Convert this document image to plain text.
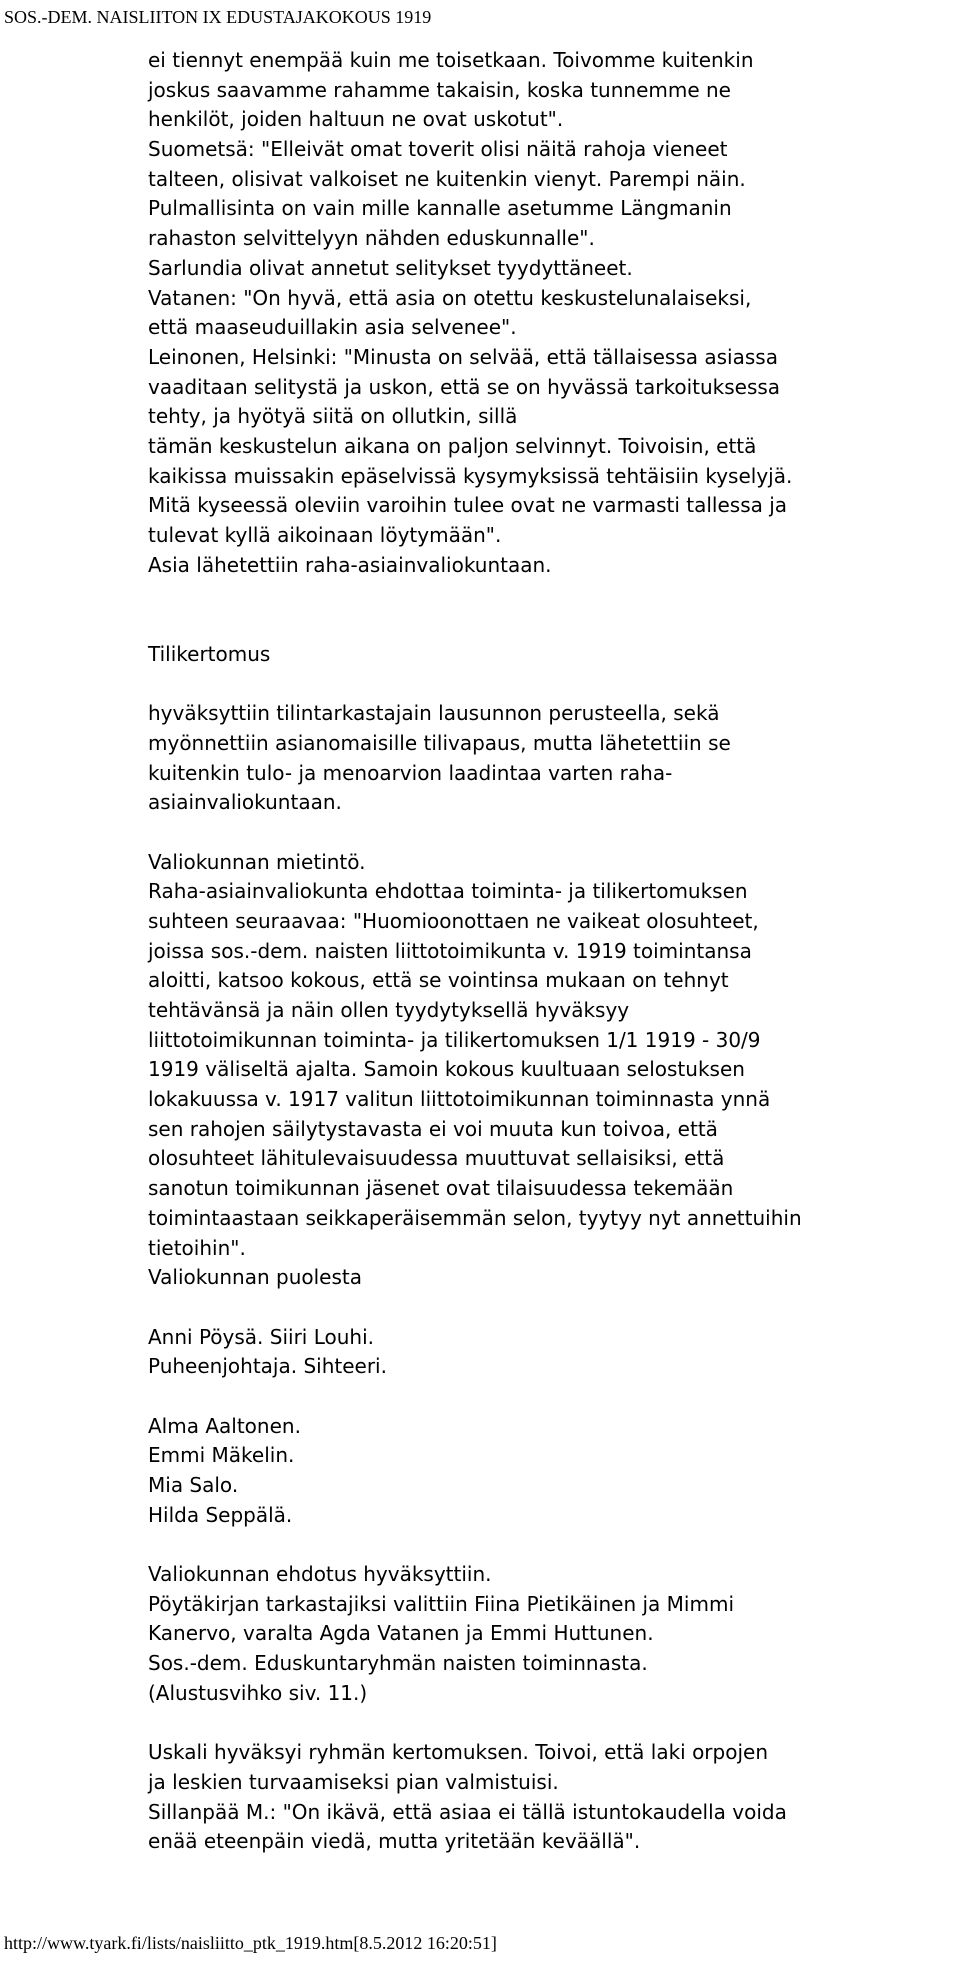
SOS.-DEM. NAISLIITON IX EDUSTAJAKOKOUS 1919
ei tiennyt enempää kuin me toisetkaan. Toivomme kuitenkin
joskus saavamme rahamme takaisin, koska tunnemme ne
henkilöt, joiden haltuun ne ovat uskotut".
Suometsä: "Elleivät omat toverit olisi näitä rahoja vieneet
talteen, olisivat valkoiset ne kuitenkin vienyt. Parempi näin.
Pulmallisinta on vain mille kannalle asetumme Längmanin
rahaston selvittelyyn nähden eduskunnalle".
Sarlundia olivat annetut selitykset tyydyttäneet.
Vatanen: "On hyvä, että asia on otettu keskustelunalaiseksi,
että maaseuduillakin asia selvenee".
Leinonen, Helsinki: "Minusta on selvää, että tällaisessa asiassa
vaaditaan selitystä ja uskon, että se on hyvässä tarkoituksessa
tehty, ja hyötyä siitä on ollutkin, sillä
tämän keskustelun aikana on paljon selvinnyt. Toivoisin, että
kaikissa muissakin epäselvissä kysymyksissä tehtäisiin kyselyjä.
Mitä kyseessä oleviin varoihin tulee ovat ne varmasti tallessa ja
tulevat kyllä aikoinaan löytymään".
Asia lähetettiin raha-asiainvaliokuntaan.
Tilikertomus
hyväksyttiin tilintarkastajain lausunnon perusteella, sekä
myönnettiin asianomaisille tilivapaus, mutta lähetettiin se
kuitenkin tulo- ja menoarvion laadintaa varten raha-
asiainvaliokuntaan.
Valiokunnan mietintö.
Raha-asiainvaliokunta ehdottaa toiminta- ja tilikertomuksen
suhteen seuraavaa: "Huomioonottaen ne vaikeat olosuhteet,
joissa sos.-dem. naisten liittotoimikunta v. 1919 toimintansa
aloitti, katsoo kokous, että se vointinsa mukaan on tehnyt
tehtävänsä ja näin ollen tyydytyksellä hyväksyy
liittotoimikunnan toiminta- ja tilikertomuksen 1/1 1919 - 30/9
1919 väliseltä ajalta. Samoin kokous kuultuaan selostuksen
lokakuussa v. 1917 valitun liittotoimikunnan toiminnasta ynnä
sen rahojen säilytystavasta ei voi muuta kun toivoa, että
olosuhteet lähitulevaisuudessa muuttuvat sellaisiksi, että
sanotun toimikunnan jäsenet ovat tilaisuudessa tekemään
toimintaastaan seikkaperäisemmän selon, tyytyy nyt annettuihin
tietoihin".
Valiokunnan puolesta
Anni Pöysä. Siiri Louhi.
Puheenjohtaja. Sihteeri.
Alma Aaltonen.
Emmi Mäkelin.
Mia Salo.
Hilda Seppälä.
Valiokunnan ehdotus hyväksyttiin.
Pöytäkirjan tarkastajiksi valittiin Fiina Pietikäinen ja Mimmi
Kanervo, varalta Agda Vatanen ja Emmi Huttunen.
Sos.-dem. Eduskuntaryhmän naisten toiminnasta.
(Alustusvihko siv. 11.)
Uskali hyväksyi ryhmän kertomuksen. Toivoi, että laki orpojen
ja leskien turvaamiseksi pian valmistuisi.
Sillanpää M.: "On ikävä, että asiaa ei tällä istuntokaudella voida
enää eteenpäin viedä, mutta yritetään keväällä".
http://www.tyark.fi/lists/naisliitto_ptk_1919.htm[8.5.2012 16:20:51]
